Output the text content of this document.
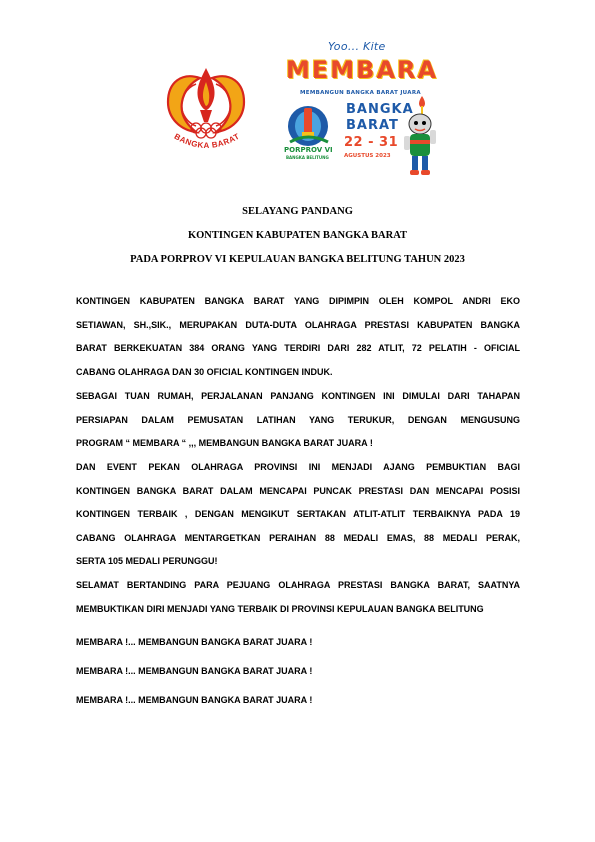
BANGKA BARAT
Yoo... Kite
MEMBARA
MEMBANGUN BANGKA BARAT JUARA
PORPROV VI
BANGKA BELITUNG
BANGKA
BARAT
22 - 31
AGUSTUS 2023
SELAYANG PANDANG
KONTINGEN KABUPATEN BANGKA BARAT
PADA PORPROV VI KEPULAUAN BANGKA BELITUNG TAHUN 2023
KONTINGEN KABUPATEN BANGKA BARAT YANG DIPIMPIN OLEH KOMPOL ANDRI EKO
SETIAWAN, SH.,SIK., MERUPAKAN DUTA-DUTA OLAHRAGA PRESTASI KABUPATEN BANGKA
BARAT BERKEKUATAN 384 ORANG YANG TERDIRI DARI 282 ATLIT, 72 PELATIH - OFICIAL
CABANG OLAHRAGA DAN 30 OFICIAL KONTINGEN INDUK.
SEBAGAI TUAN RUMAH, PERJALANAN PANJANG KONTINGEN INI DIMULAI DARI TAHAPAN
PERSIAPAN DALAM PEMUSATAN LATIHAN YANG TERUKUR, DENGAN MENGUSUNG
PROGRAM “ MEMBARA “ ,,, MEMBANGUN BANGKA BARAT JUARA !
DAN EVENT PEKAN OLAHRAGA PROVINSI INI MENJADI AJANG PEMBUKTIAN BAGI
KONTINGEN BANGKA BARAT DALAM MENCAPAI PUNCAK PRESTASI DAN MENCAPAI POSISI
KONTINGEN TERBAIK , DENGAN MENGIKUT SERTAKAN ATLIT-ATLIT TERBAIKNYA PADA 19
CABANG OLAHRAGA MENTARGETKAN PERAIHAN 88 MEDALI EMAS, 88 MEDALI PERAK,
SERTA 105 MEDALI PERUNGGU!
SELAMAT BERTANDING PARA PEJUANG OLAHRAGA PRESTASI BANGKA BARAT, SAATNYA
MEMBUKTIKAN DIRI MENJADI YANG TERBAIK DI PROVINSI KEPULAUAN BANGKA BELITUNG
MEMBARA !... MEMBANGUN BANGKA BARAT JUARA !
MEMBARA !... MEMBANGUN BANGKA BARAT JUARA !
MEMBARA !... MEMBANGUN BANGKA BARAT JUARA !
